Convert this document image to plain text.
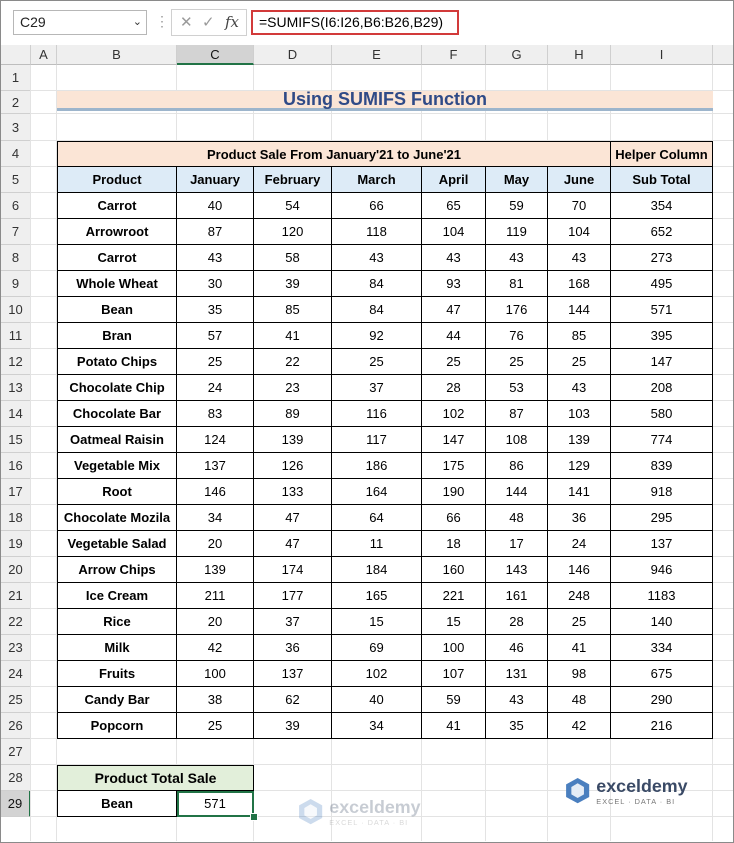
C29	⌄ ⋮ ✕ ✓ fx	=SUMIFS(I6:I26,B6:B26,B29)
A	B	C	D	E	F	G	H	I
1
2
3
4
5
6
7
8
9
10
11
12
13
14
15
16
17
18
19
20
21
22
23
24
25
26
27
28
29
Using SUMIFS Function
Product Sale From January'21 to June'21	Helper Column
Product	January	February	March	April	May	June	Sub Total
Carrot	40	54	66	65	59	70	354
Arrowroot	87	120	118	104	119	104	652
Carrot	43	58	43	43	43	43	273
Whole Wheat	30	39	84	93	81	168	495
Bean	35	85	84	47	176	144	571
Bran	57	41	92	44	76	85	395
Potato Chips	25	22	25	25	25	25	147
Chocolate Chip	24	23	37	28	53	43	208
Chocolate Bar	83	89	116	102	87	103	580
Oatmeal Raisin	124	139	117	147	108	139	774
Vegetable Mix	137	126	186	175	86	129	839
Root	146	133	164	190	144	141	918
Chocolate Mozila	34	47	64	66	48	36	295
Vegetable Salad	20	47	11	18	17	24	137
Arrow Chips	139	174	184	160	143	146	946
Ice Cream	211	177	165	221	161	248	1183
Rice	20	37	15	15	28	25	140
Milk	42	36	69	100	46	41	334
Fruits	100	137	102	107	131	98	675
Candy Bar	38	62	40	59	43	48	290
Popcorn	25	39	34	41	35	42	216
Product Total Sale
Bean	571	exceldemy
EXCEL · DATA · BI
exceldemy
EXCEL · DATA · BI
